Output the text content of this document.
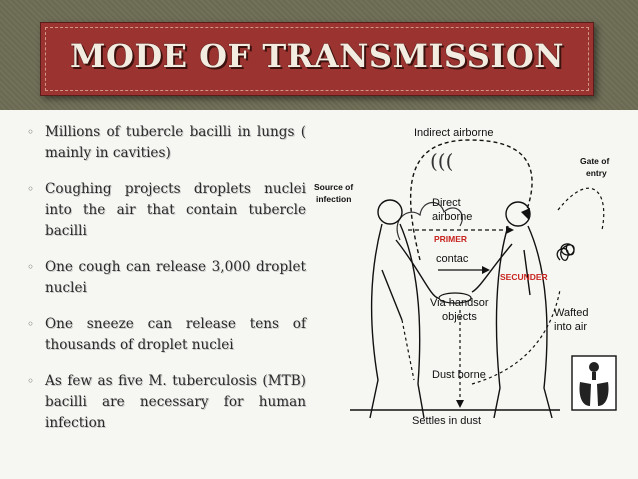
MODE OF TRANSMISSION
◦ Millions of tubercle bacilli in lungs ( mainly in cavities)
◦ Coughing projects droplets nuclei into the air that contain tubercle bacilli
◦ One cough can release 3,000 droplet nuclei
◦ One sneeze can release tens of thousands of droplet nuclei
◦ As few as five M. tuberculosis (MTB) bacilli are necessary for human infection
(((
Indirect airborne
Gate of
entry
Source of
infection	Direct
airborne
PRIMER
contac
SECUNDER
Via handsor
objects	Wafted
into air
Dust borne
Settles in dust
